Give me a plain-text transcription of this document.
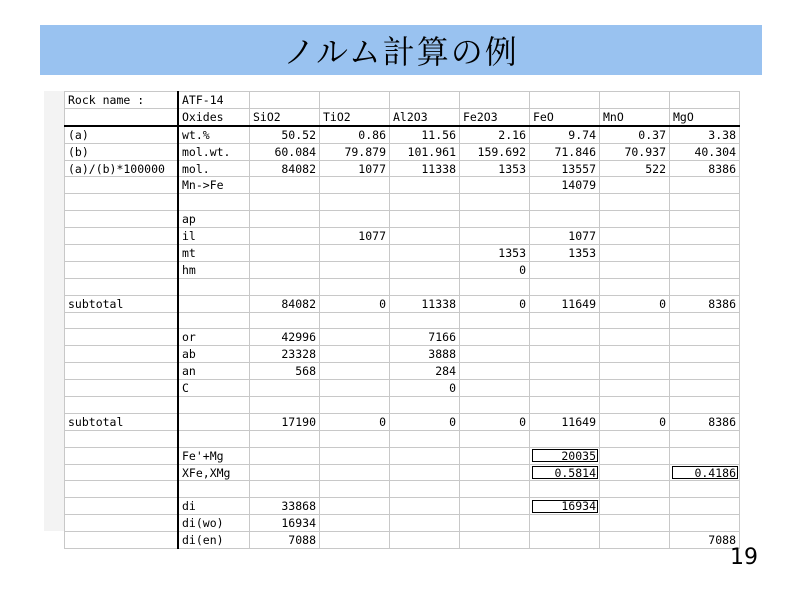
ノルム計算の例
Rock name :	ATF-14							
	Oxides	SiO2	TiO2	Al2O3	Fe2O3	FeO	MnO	MgO
(a)	wt.%	50.52	0.86	11.56	2.16	9.74	0.37	3.38
(b)	mol.wt.	60.084	79.879	101.961	159.692	71.846	70.937	40.304
(a)/(b)*100000	mol.	84082	1077	11338	1353	13557	522	8386
	Mn->Fe					14079		

	ap							
	il		1077			1077		
	mt				1353	1353		
	hm				0			

subtotal		84082	0	11338	0	11649	0	8386

	or	42996		7166				
	ab	23328		3888				
	an	568		284				
	C			0				

subtotal		17190	0	0	0	11649	0	8386

	Fe'+Mg					20035		
	XFe,XMg					0.5814		0.4186

	di	33868				16934		
	di(wo)	16934						
	di(en)	7088						7088
19
